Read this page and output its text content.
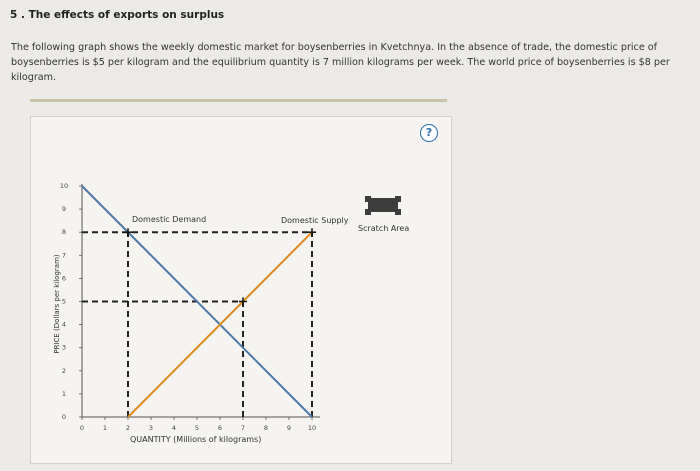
5 . The effects of exports on surplus
The following graph shows the weekly domestic market for boysenberries in Kvetchnya. In the absence of trade, the domestic price of boysenberries is $5 per kilogram and the equilibrium quantity is 7 million kilograms per week. The world price of boysenberries is $8 per kilogram.
?
0	1	2	3	4	5	6	7	8	9	10
0
1
2
3
4
5
6
7
8
9
10
Domestic Demand	Domestic Supply
Scratch Area
PRICE (Dollars per kilogram)
QUANTITY (Millions of kilograms)
